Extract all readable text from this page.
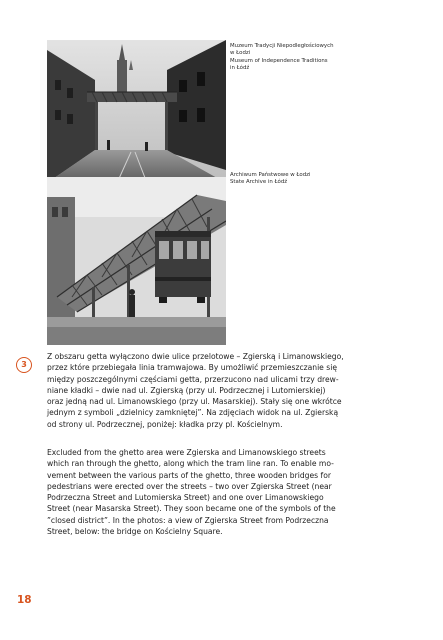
Muzeum Tradycji Niepodległościowych
w Łodzi
Museum of Independence Traditions
in Łódź
Archiwum Państwowe w Łodzi
State Archive in Łódź
3
Z obszaru getta wyłączono dwie ulice przelotowe – Zgierską i Limanowskiego,
przez które przebiegała linia tramwajowa. By umożliwić przemieszczanie się
między poszczególnymi częściami getta, przerzucono nad ulicami trzy drew-
niane kładki – dwie nad ul. Zgierską (przy ul. Podrzecznej i Lutomierskiej)
oraz jedną nad ul. Limanowskiego (przy ul. Masarskiej). Stały się one wkrótce
jednym z symboli „dzielnicy zamkniętej”. Na zdjęciach widok na ul. Zgierską
od strony ul. Podrzecznej, poniżej: kładka przy pl. Kościelnym.
Excluded from the ghetto area were Zgierska and Limanowskiego streets
which ran through the ghetto, along which the tram line ran. To enable mo-
vement between the various parts of the ghetto, three wooden bridges for
pedestrians were erected over the streets – two over Zgierska Street (near
Podrzeczna Street and Lutomierska Street) and one over Limanowskiego
Street (near Masarska Street). They soon became one of the symbols of the
”closed district”. In the photos: a view of Zgierska Street from Podrzeczna
Street, below: the bridge on Kościelny Square.
18
